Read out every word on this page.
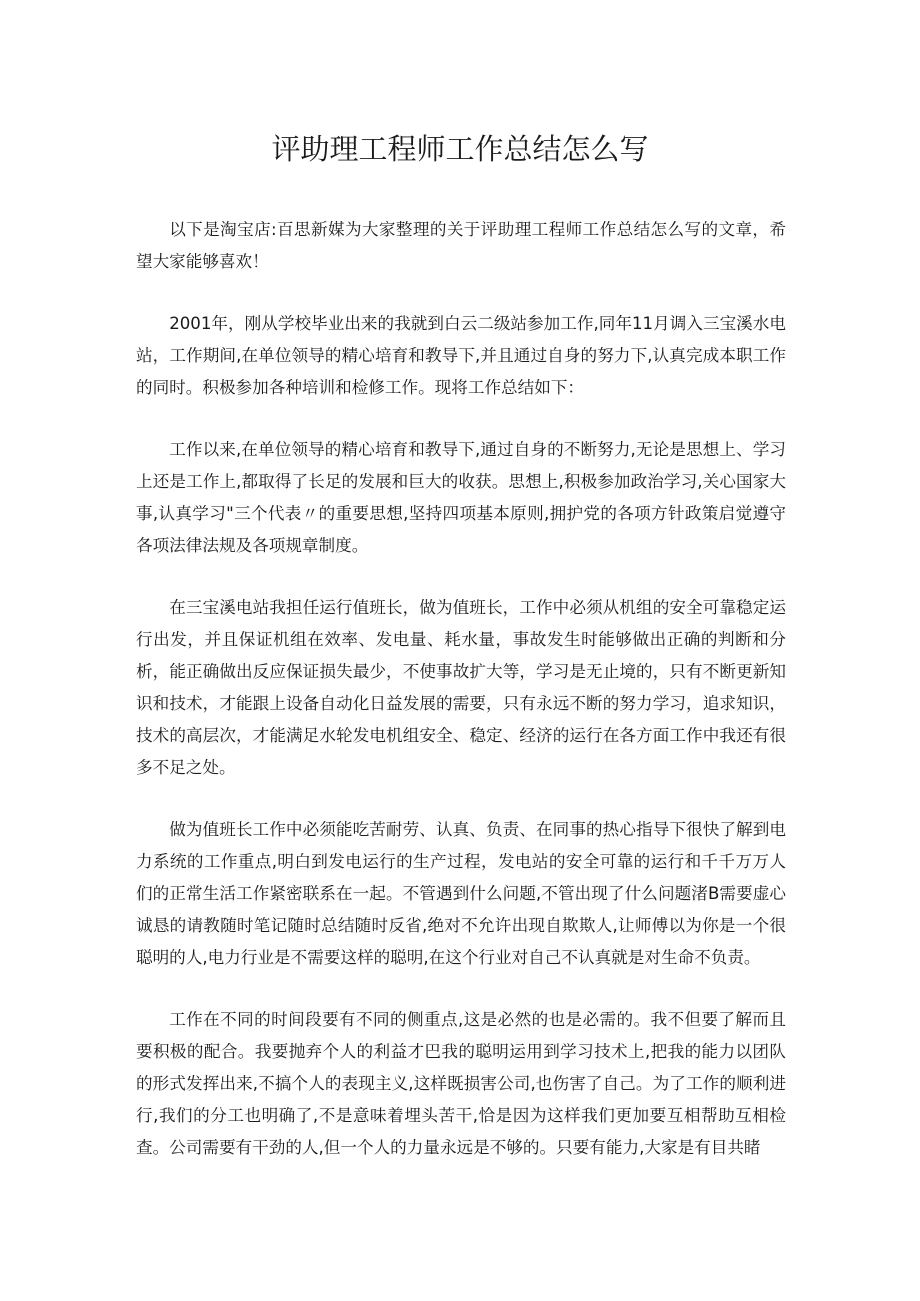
评助理工程师工作总结怎么写

以下是淘宝店:百思新媒为大家整理的关于评助理工程师工作总结怎么写的文章，希望大家能够喜欢！

2001年，刚从学校毕业出来的我就到白云二级站参加工作,同年11月调入三宝溪水电站，工作期间,在单位领导的精心培育和教导下,并且通过自身的努力下,认真完成本职工作的同时。积极参加各种培训和检修工作。现将工作总结如下：

工作以来,在单位领导的精心培育和教导下,通过自身的不断努力,无论是思想上、学习上还是工作上,都取得了长足的发展和巨大的收获。思想上,积极参加政治学习,关心国家大事,认真学习"三个代表〃的重要思想,坚持四项基本原则,拥护党的各项方针政策启觉遵守各项法律法规及各项规章制度。

在三宝溪电站我担任运行值班长，做为值班长，工作中必须从机组的安全可靠稳定运行出发，并且保证机组在效率、发电量、耗水量，事故发生时能够做出正确的判断和分析，能正确做出反应保证损失最少，不使事故扩大等，学习是无止境的，只有不断更新知识和技术，才能跟上设备自动化日益发展的需要，只有永远不断的努力学习，追求知识，技术的高层次，才能满足水轮发电机组安全、稳定、经济的运行在各方面工作中我还有很多不足之处。

做为值班长工作中必须能吃苦耐劳、认真、负责、在同事的热心指导下很快了解到电力系统的工作重点,明白到发电运行的生产过程，发电站的安全可靠的运行和千千万万人们的正常生活工作紧密联系在一起。不管遇到什么问题,不管出现了什么问题渚B需要虚心诚恳的请教随时笔记随时总结随时反省,绝对不允许出现自欺欺人,让师傅以为你是一个很聪明的人,电力行业是不需要这样的聪明,在这个行业对自己不认真就是对生命不负责。

工作在不同的时间段要有不同的侧重点,这是必然的也是必需的。我不但要了解而且要积极的配合。我要抛弃个人的利益才巴我的聪明运用到学习技术上,把我的能力以团队的形式发挥出来,不搞个人的表现主义,这样既损害公司,也伤害了自己。为了工作的顺利进行,我们的分工也明确了,不是意味着埋头苦干,恰是因为这样我们更加要互相帮助互相检查。公司需要有干劲的人,但一个人的力量永远是不够的。只要有能力,大家是有目共睹
